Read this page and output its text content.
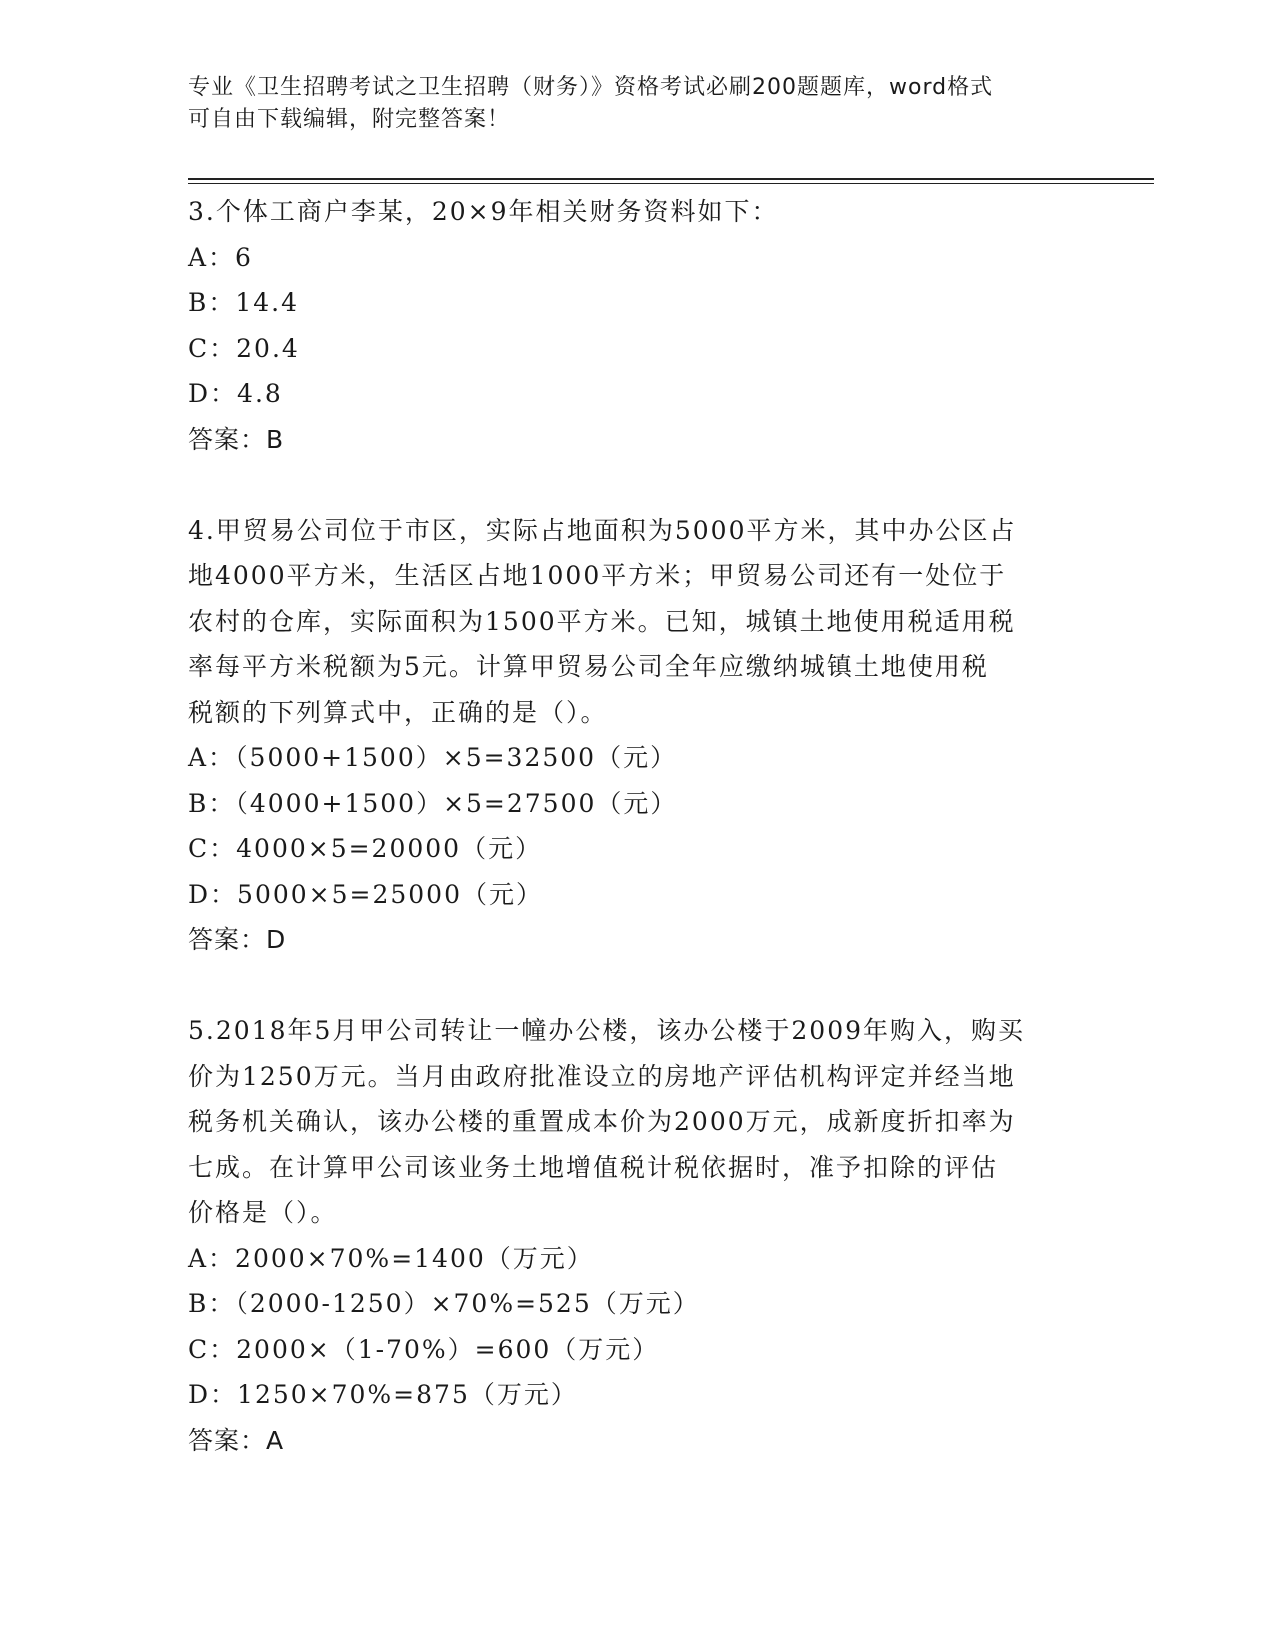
专业《卫生招聘考试之卫生招聘（财务）》资格考试必刷200题题库，word格式
可自由下载编辑，附完整答案！
3.个体工商户李某，20×9年相关财务资料如下：
A：6
B：14.4
C：20.4
D：4.8
答案：B
4.甲贸易公司位于市区，实际占地面积为5000平方米，其中办公区占
地4000平方米，生活区占地1000平方米；甲贸易公司还有一处位于
农村的仓库，实际面积为1500平方米。已知，城镇土地使用税适用税
率每平方米税额为5元。计算甲贸易公司全年应缴纳城镇土地使用税
税额的下列算式中，正确的是（）。
A：（5000+1500）×5=32500（元）
B：（4000+1500）×5=27500（元）
C：4000×5=20000（元）
D：5000×5=25000（元）
答案：D
5.2018年5月甲公司转让一幢办公楼，该办公楼于2009年购入，购买
价为1250万元。当月由政府批准设立的房地产评估机构评定并经当地
税务机关确认，该办公楼的重置成本价为2000万元，成新度折扣率为
七成。在计算甲公司该业务土地增值税计税依据时，准予扣除的评估
价格是（）。
A：2000×70%=1400（万元）
B：（2000-1250）×70%=525（万元）
C：2000×（1-70%）=600（万元）
D：1250×70%=875（万元）
答案：A
